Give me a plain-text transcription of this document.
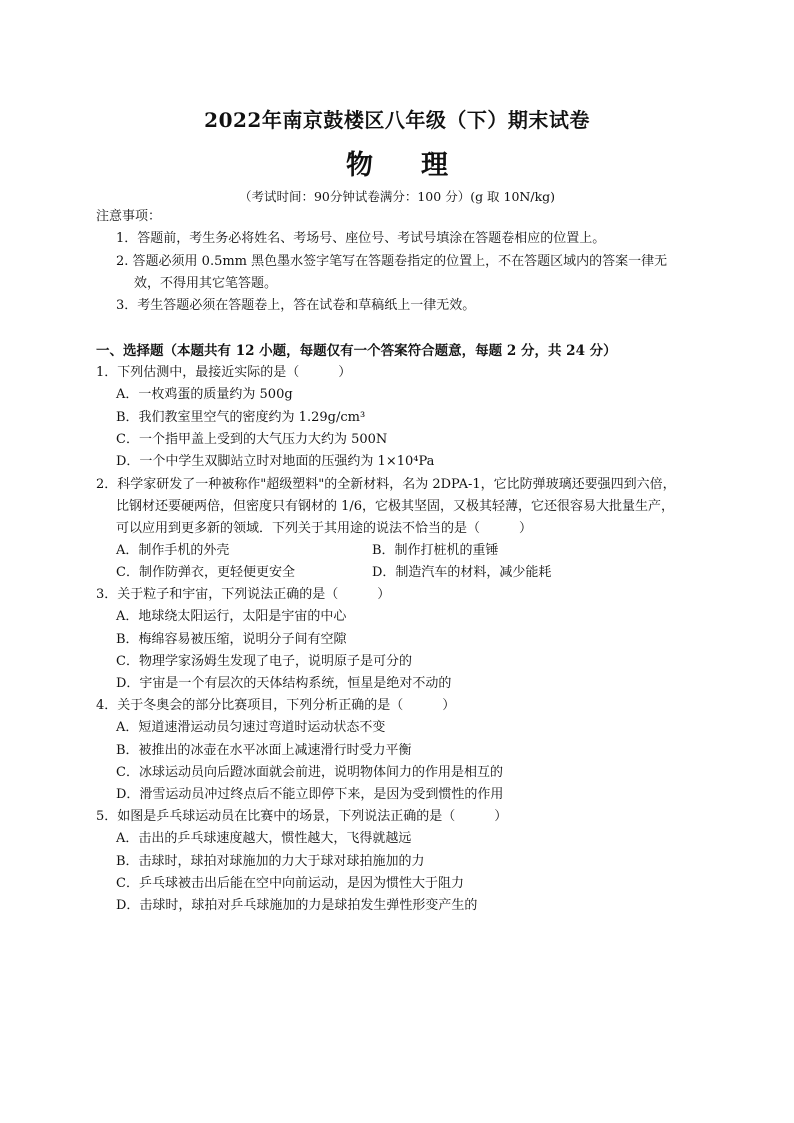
2022年南京鼓楼区八年级（下）期末试卷
物理
（考试时间：90分钟试卷满分：100 分）(g 取 10N/kg)
注意事项：
1．答题前，考生务必将姓名、考场号、座位号、考试号填涂在答题卷相应的位置上。
2. 答题必须用 0.5mm 黑色墨水签字笔写在答题卷指定的位置上，不在答题区域内的答案一律无
效，不得用其它笔答题。
3．考生答题必须在答题卷上，答在试卷和草稿纸上一律无效。
一、选择题（本题共有 12 小题，每题仅有一个答案符合题意，每题 2 分，共 24 分）
1．下列估测中，最接近实际的是（　　　）
A．一枚鸡蛋的质量约为 500g
B．我们教室里空气的密度约为 1.29g/cm³
C．一个指甲盖上受到的大气压力大约为 500N
D．一个中学生双脚站立时对地面的压强约为 1×10⁴Pa
2．科学家研发了一种被称作"超级塑料"的全新材料，名为 2DPA-1，它比防弹玻璃还要强四到六倍，
比钢材还要硬两倍，但密度只有钢材的 1/6，它极其坚固，又极其轻薄，它还很容易大批量生产，
可以应用到更多新的领域．下列关于其用途的说法不恰当的是（　　　）
A．制作手机的外壳	B．制作打桩机的重锤
C．制作防弹衣，更轻便更安全	D．制造汽车的材料，减少能耗
3．关于粒子和宇宙，下列说法正确的是（　　　）
A．地球绕太阳运行，太阳是宇宙的中心
B．梅绵容易被压缩，说明分子间有空隙
C．物理学家汤姆生发现了电子，说明原子是可分的
D．宇宙是一个有层次的天体结构系统，恒星是绝对不动的
4．关于冬奥会的部分比赛项目，下列分析正确的是（　　　）
A．短道速滑运动员匀速过弯道时运动状态不变
B．被推出的冰壶在水平冰面上减速滑行时受力平衡
C．冰球运动员向后蹬冰面就会前进，说明物体间力的作用是相互的
D．滑雪运动员冲过终点后不能立即停下来，是因为受到惯性的作用
5．如图是乒乓球运动员在比赛中的场景，下列说法正确的是（　　　）
A．击出的乒乓球速度越大，惯性越大，飞得就越远
B．击球时，球拍对球施加的力大于球对球拍施加的力
C．乒乓球被击出后能在空中向前运动，是因为惯性大于阻力
D．击球时，球拍对乒乓球施加的力是球拍发生弹性形变产生的
